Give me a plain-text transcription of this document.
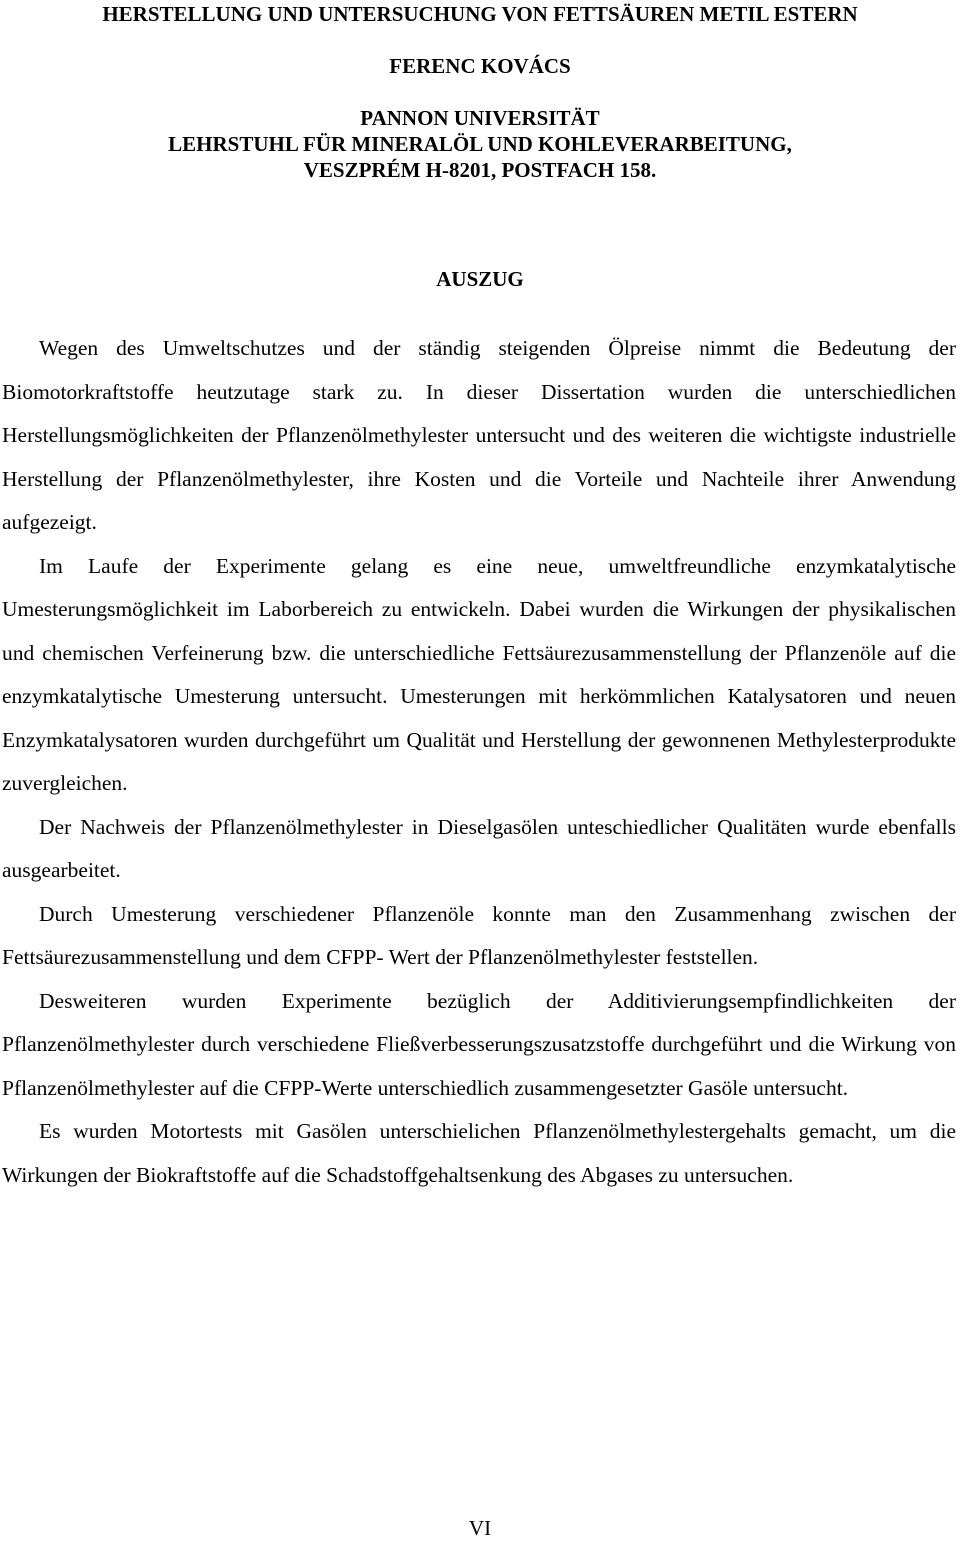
HERSTELLUNG UND UNTERSUCHUNG VON FETTSÄUREN METIL ESTERN
FERENC KOVÁCS
PANNON UNIVERSITÄT
LEHRSTUHL FÜR MINERALÖL UND KOHLEVERARBEITUNG,
VESZPRÉM H-8201, POSTFACH 158.
AUSZUG

Wegen des Umweltschutzes und der ständig steigenden Ölpreise nimmt die Bedeutung der Biomotorkraftstoffe heutzutage stark zu. In dieser Dissertation wurden die unterschiedlichen Herstellungsmöglichkeiten der Pflanzenölmethylester untersucht und des weiteren die wichtigste industrielle Herstellung der Pflanzenölmethylester, ihre Kosten und die Vorteile und Nachteile ihrer Anwendung aufgezeigt.

Im Laufe der Experimente gelang es eine neue, umweltfreundliche enzymkatalytische Umesterungsmöglichkeit im Laborbereich zu entwickeln. Dabei wurden die Wirkungen der physikalischen und chemischen Verfeinerung bzw. die unterschiedliche Fettsäurezusammenstellung der Pflanzenöle auf die enzymkatalytische Umesterung untersucht. Umesterungen mit herkömmlichen Katalysatoren und neuen Enzymkatalysatoren wurden durchgeführt um Qualität und Herstellung der gewonnenen Methylesterprodukte zuvergleichen.

Der Nachweis der Pflanzenölmethylester in Dieselgasölen unteschiedlicher Qualitäten wurde ebenfalls ausgearbeitet.

Durch Umesterung verschiedener Pflanzenöle konnte man den Zusammenhang zwischen der Fettsäurezusammenstellung und dem CFPP- Wert der Pflanzenölmethylester feststellen.

Desweiteren wurden Experimente bezüglich der Additivierungsempfindlichkeiten der Pflanzenölmethylester durch verschiedene Fließverbesserungszusatzstoffe durchgeführt und die Wirkung von Pflanzenölmethylester auf die CFPP-Werte unterschiedlich zusammengesetzter Gasöle untersucht.

Es wurden Motortests mit Gasölen unterschielichen Pflanzenölmethylestergehalts gemacht, um die Wirkungen der Biokraftstoffe auf die Schadstoffgehaltsenkung des Abgases zu untersuchen.

VI
